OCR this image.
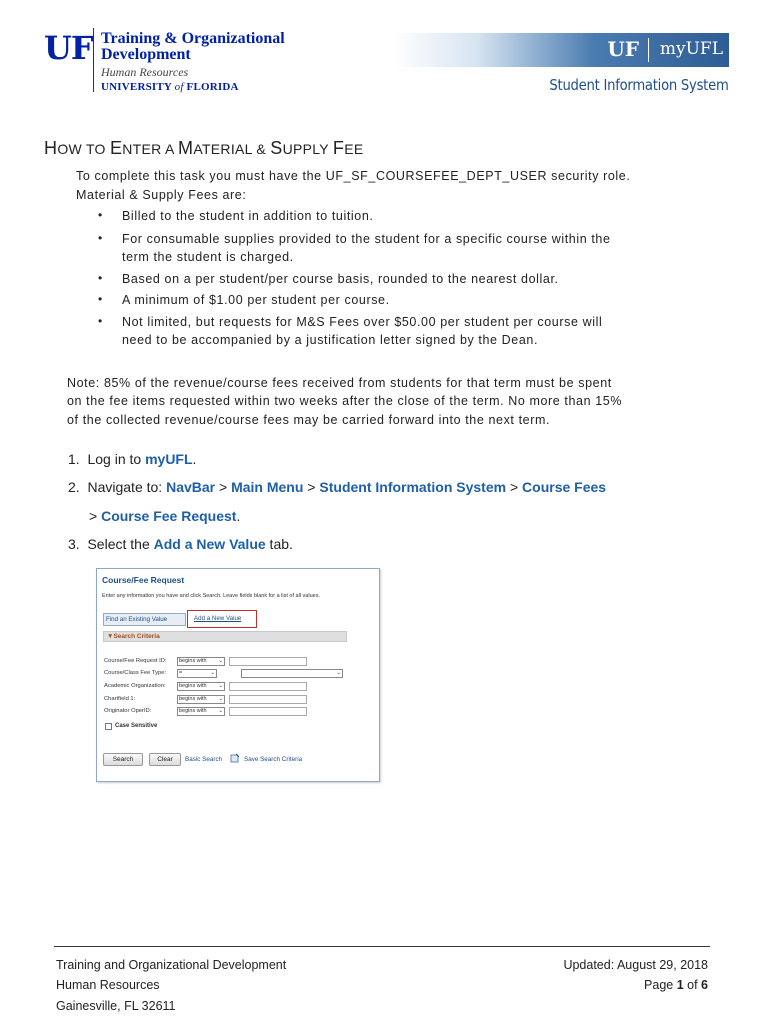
UF Training & Organizational
Development
Human Resources
UNIVERSITY of FLORIDA
UF myUFL
Student Information System
HOW TO ENTER A MATERIAL & SUPPLY FEE
To complete this task you must have the UF_SF_COURSEFEE_DEPT_USER security role.
Material & Supply Fees are:
• Billed to the student in addition to tuition.
• For consumable supplies provided to the student for a specific course within the
term the student is charged.
• Based on a per student/per course basis, rounded to the nearest dollar.
• A minimum of $1.00 per student per course.
• Not limited, but requests for M&S Fees over $50.00 per student per course will
need to be accompanied by a justification letter signed by the Dean.
Note: 85% of the revenue/course fees received from students for that term must be spent
on the fee items requested within two weeks after the close of the term. No more than 15%
of the collected revenue/course fees may be carried forward into the next term.
1. Log in to myUFL.
2. Navigate to: NavBar > Main Menu > Student Information System > Course Fees
> Course Fee Request.
3. Select the Add a New Value tab.
Course/Fee Request
Enter any information you have and click Search. Leave fields blank for a list of all values.
Find an Existing Value	Add a New Value
▼ Search Criteria
Course/Fee Request ID:	begins with ⌄
Course/Class Fee Type:	=	⌄	⌄
Academic Organization:	begins with ⌄
Chartfield 1:	begins with ⌄
Originator OperID:	begins with ⌄
Case Sensitive
Search	Clear	Basic Search	Save Search Criteria
Training and Organizational Development
Human Resources
Gainesville, FL 32611
Updated: August 29, 2018
Page 1 of 6
